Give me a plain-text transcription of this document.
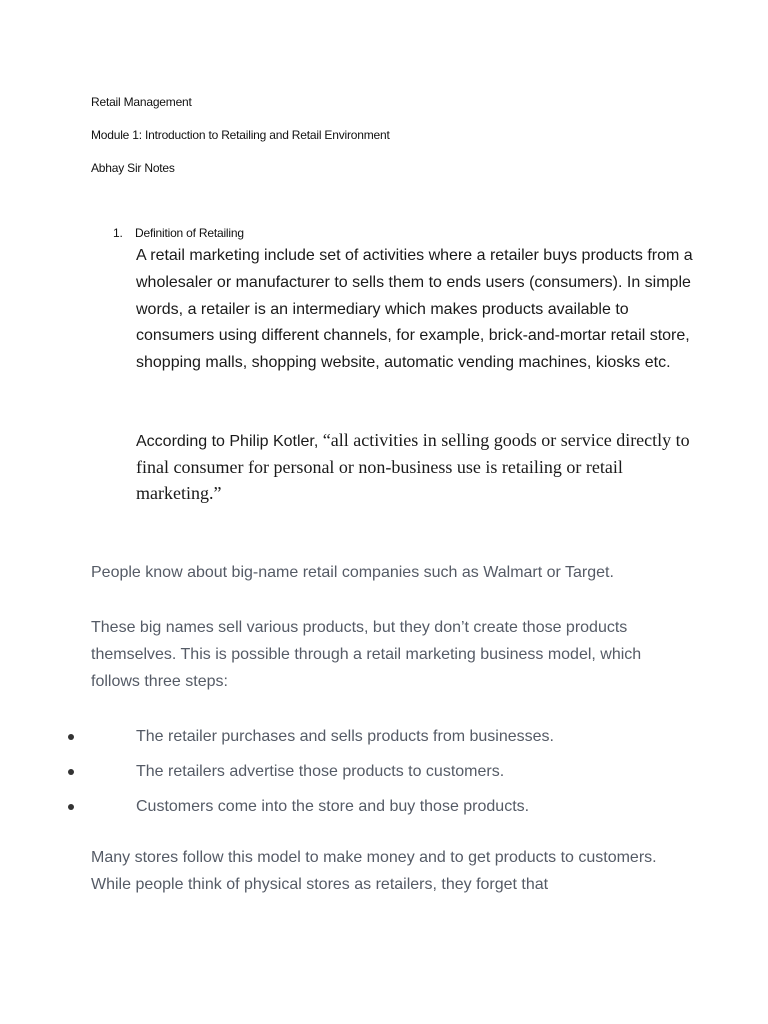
Retail Management
Module 1: Introduction to Retailing and Retail Environment
Abhay Sir Notes
1. Definition of Retailing

A retail marketing include set of activities where a retailer buys products from a wholesaler or manufacturer to sells them to ends users (consumers). In simple words, a retailer is an intermediary which makes products available to consumers using different channels, for example, brick-and-mortar retail store, shopping malls, shopping website, automatic vending machines, kiosks etc.

According to Philip Kotler, “all activities in selling goods or service directly to final consumer for personal or non-business use is retailing or retail marketing.”

People know about big-name retail companies such as Walmart or Target.

These big names sell various products, but they don’t create those products themselves. This is possible through a retail marketing business model, which follows three steps:

The retailer purchases and sells products from businesses.
The retailers advertise those products to customers.
Customers come into the store and buy those products.

Many stores follow this model to make money and to get products to customers. While people think of physical stores as retailers, they forget that
